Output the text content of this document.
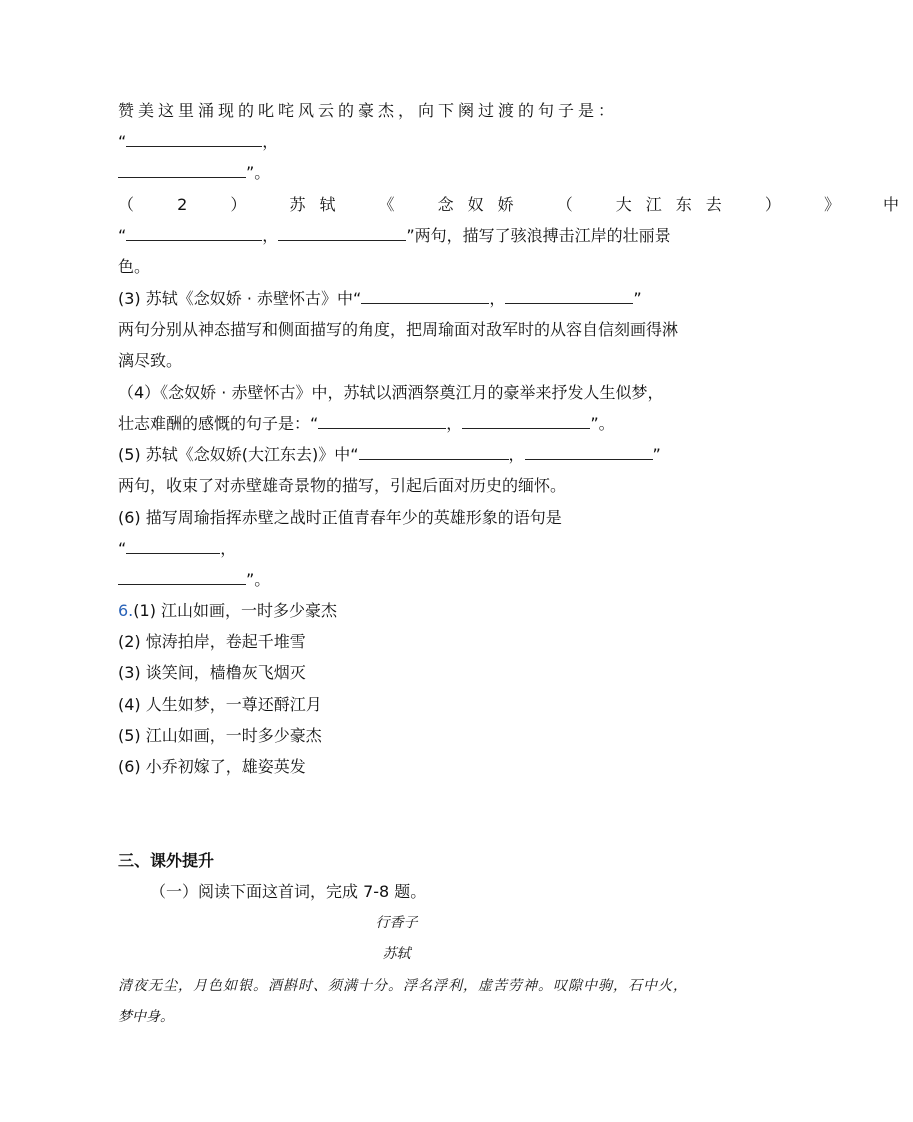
赞美这里涌现的叱咤风云的豪杰，向下阕过渡的句子是：
“	，
”。
（ 2 ） 苏轼 《 念奴娇 （ 大江东去 ） 》 中
“	，	”两句，描写了骇浪搏击江岸的壮丽景
色。
(3) 苏轼《念奴娇 · 赤壁怀古》中“	，	”
两句分别从神态描写和侧面描写的角度，把周瑜面对敌军时的从容自信刻画得淋
漓尽致。
（4）《念奴娇 · 赤壁怀古》中，苏轼以洒酒祭奠江月的豪举来抒发人生似梦，
壮志难酬的感慨的句子是：“	，	”。
(5) 苏轼《念奴娇(大江东去)》中“	，	”
两句，收束了对赤壁雄奇景物的描写，引起后面对历史的缅怀。
(6) 描写周瑜指挥赤壁之战时正值青春年少的英雄形象的语句是
“	，
”。
6.(1) 江山如画，一时多少豪杰
(2) 惊涛拍岸，卷起千堆雪
(3) 谈笑间，樯橹灰飞烟灭
(4) 人生如梦，一尊还酹江月
(5) 江山如画，一时多少豪杰
(6) 小乔初嫁了，雄姿英发
三、课外提升
（一）阅读下面这首词，完成 7-8 题。
行香子
苏轼
清夜无尘，月色如银。酒斟时、须满十分。浮名浮利，虚苦劳神。叹隙中驹，石中火，
梦中身。
